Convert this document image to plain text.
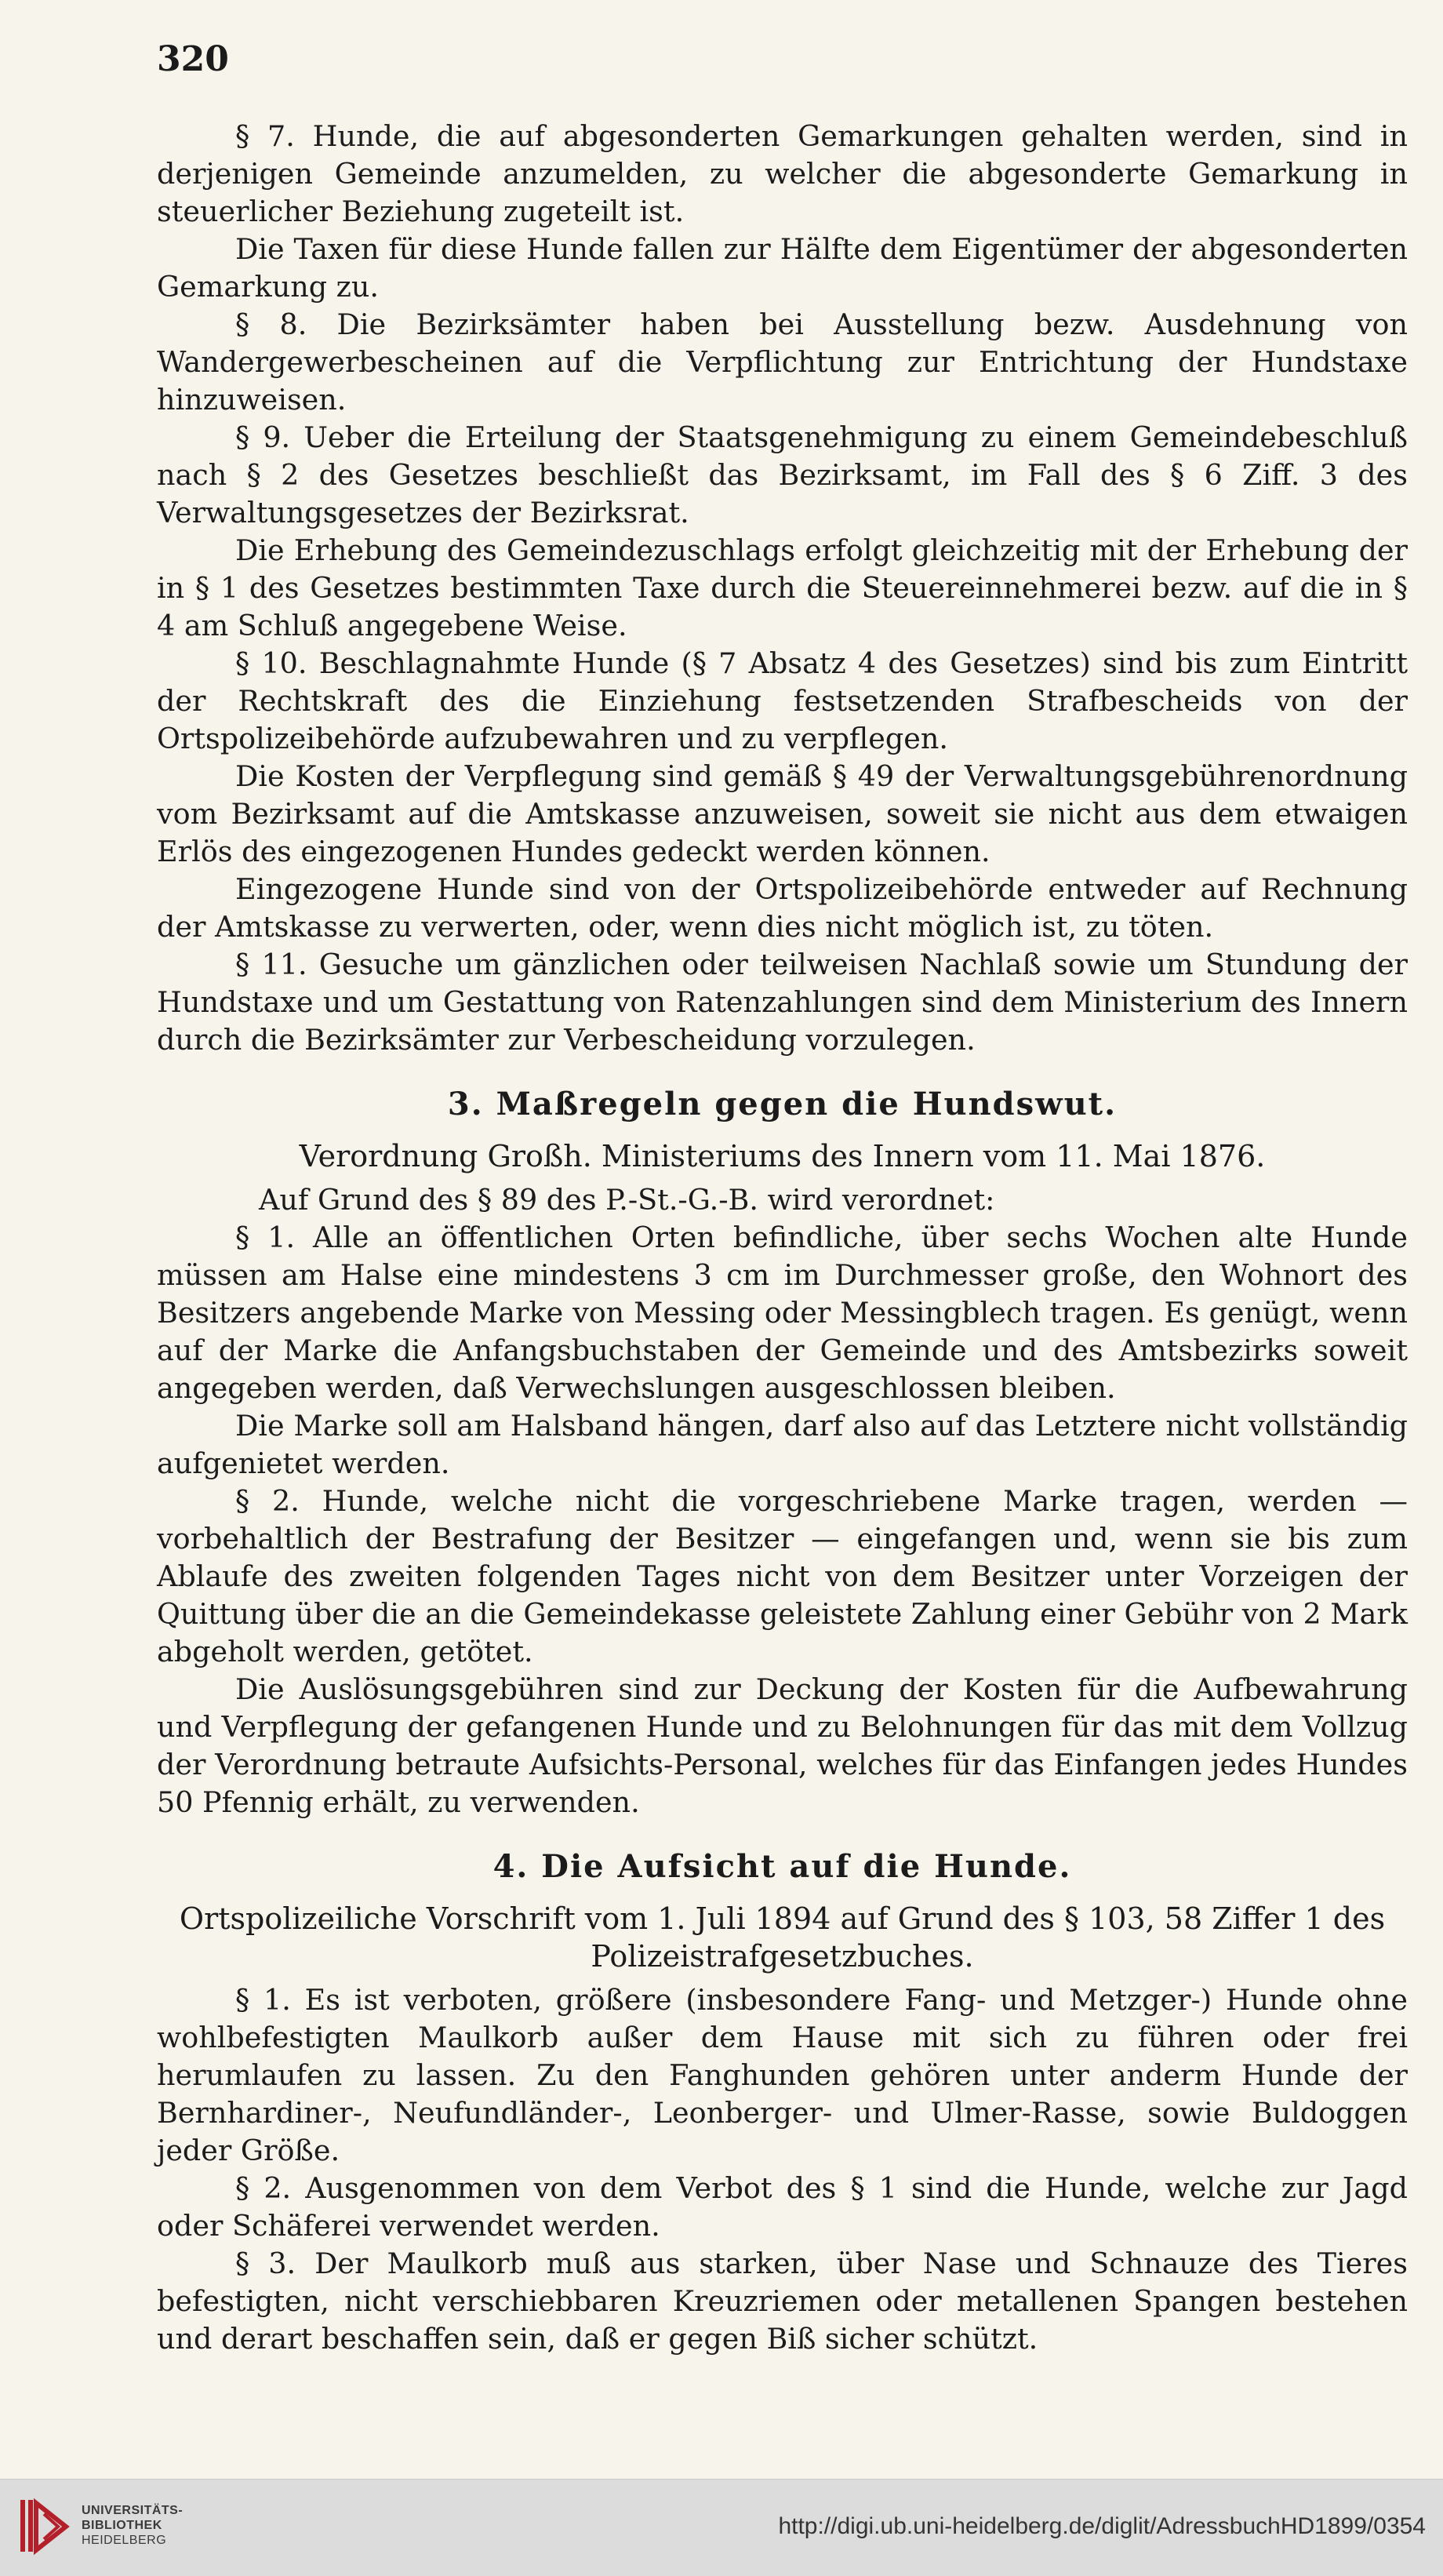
320

§ 7. Hunde, die auf abgesonderten Gemarkungen gehalten werden, sind in derjenigen Gemeinde anzumelden, zu welcher die abgesonderte Gemarkung in steuerlicher Beziehung zugeteilt ist.

Die Taxen für diese Hunde fallen zur Hälfte dem Eigentümer der abgesonderten Gemarkung zu.

§ 8. Die Bezirksämter haben bei Ausstellung bezw. Ausdehnung von Wandergewerbescheinen auf die Verpflichtung zur Entrichtung der Hundstaxe hinzuweisen.

§ 9. Ueber die Erteilung der Staatsgenehmigung zu einem Gemeindebeschluß nach § 2 des Gesetzes beschließt das Bezirksamt, im Fall des § 6 Ziff. 3 des Verwaltungsgesetzes der Bezirksrat.

Die Erhebung des Gemeindezuschlags erfolgt gleichzeitig mit der Erhebung der in § 1 des Gesetzes bestimmten Taxe durch die Steuereinnehmerei bezw. auf die in § 4 am Schluß angegebene Weise.

§ 10. Beschlagnahmte Hunde (§ 7 Absatz 4 des Gesetzes) sind bis zum Eintritt der Rechtskraft des die Einziehung festsetzenden Strafbescheids von der Ortspolizeibehörde aufzubewahren und zu verpflegen.

Die Kosten der Verpflegung sind gemäß § 49 der Verwaltungsgebührenordnung vom Bezirksamt auf die Amtskasse anzuweisen, soweit sie nicht aus dem etwaigen Erlös des eingezogenen Hundes gedeckt werden können.

Eingezogene Hunde sind von der Ortspolizeibehörde entweder auf Rechnung der Amtskasse zu verwerten, oder, wenn dies nicht möglich ist, zu töten.

§ 11. Gesuche um gänzlichen oder teilweisen Nachlaß sowie um Stundung der Hundstaxe und um Gestattung von Ratenzahlungen sind dem Ministerium des Innern durch die Bezirksämter zur Verbescheidung vorzulegen.

3. Maßregeln gegen die Hundswut.
Verordnung Großh. Ministeriums des Innern vom 11. Mai 1876.

Auf Grund des § 89 des P.-St.-G.-B. wird verordnet:

§ 1. Alle an öffentlichen Orten befindliche, über sechs Wochen alte Hunde müssen am Halse eine mindestens 3 cm im Durchmesser große, den Wohnort des Besitzers angebende Marke von Messing oder Messingblech tragen. Es genügt, wenn auf der Marke die Anfangsbuchstaben der Gemeinde und des Amtsbezirks soweit angegeben werden, daß Verwechslungen ausgeschlossen bleiben.

Die Marke soll am Halsband hängen, darf also auf das Letztere nicht vollständig aufgenietet werden.

§ 2. Hunde, welche nicht die vorgeschriebene Marke tragen, werden — vorbehaltlich der Bestrafung der Besitzer — eingefangen und, wenn sie bis zum Ablaufe des zweiten folgenden Tages nicht von dem Besitzer unter Vorzeigen der Quittung über die an die Gemeindekasse geleistete Zahlung einer Gebühr von 2 Mark abgeholt werden, getötet.

Die Auslösungsgebühren sind zur Deckung der Kosten für die Aufbewahrung und Verpflegung der gefangenen Hunde und zu Belohnungen für das mit dem Vollzug der Verordnung betraute Aufsichts-Personal, welches für das Einfangen jedes Hundes 50 Pfennig erhält, zu verwenden.

4. Die Aufsicht auf die Hunde.
Ortspolizeiliche Vorschrift vom 1. Juli 1894 auf Grund des § 103, 58 Ziffer 1 des Polizeistrafgesetzbuches.

§ 1. Es ist verboten, größere (insbesondere Fang- und Metzger-) Hunde ohne wohlbefestigten Maulkorb außer dem Hause mit sich zu führen oder frei herumlaufen zu lassen. Zu den Fanghunden gehören unter anderm Hunde der Bernhardiner-, Neufundländer-, Leonberger- und Ulmer-Rasse, sowie Buldoggen jeder Größe.

§ 2. Ausgenommen von dem Verbot des § 1 sind die Hunde, welche zur Jagd oder Schäferei verwendet werden.

§ 3. Der Maulkorb muß aus starken, über Nase und Schnauze des Tieres befestigten, nicht verschiebbaren Kreuzriemen oder metallenen Spangen bestehen und derart beschaffen sein, daß er gegen Biß sicher schützt.

UNIVERSITÄTS-
BIBLIOTHEK
HEIDELBERG
http://digi.ub.uni-heidelberg.de/diglit/AdressbuchHD1899/0354
